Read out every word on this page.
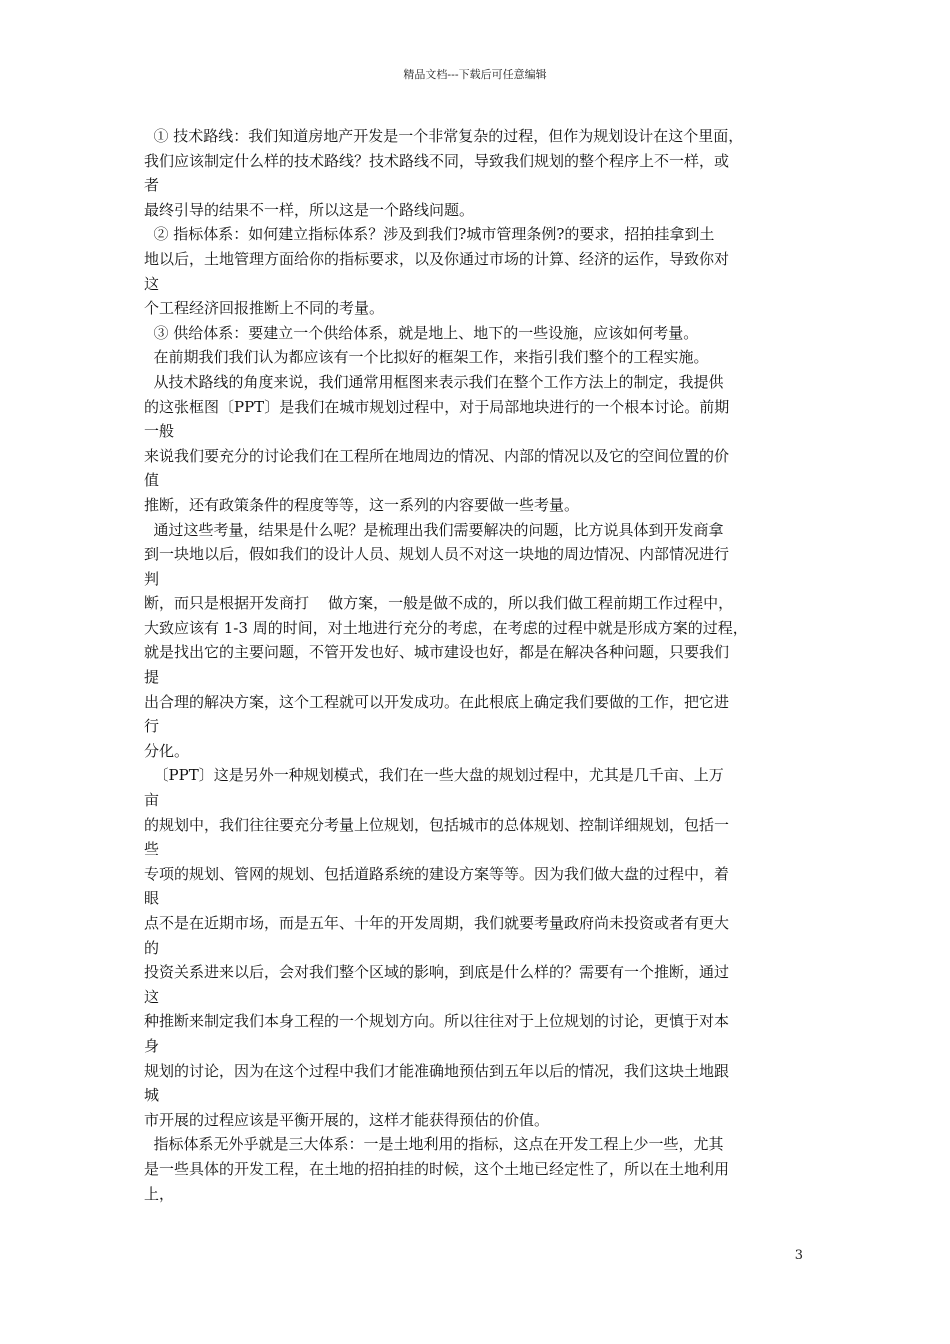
精品文档---下载后可任意编辑
① 技术路线：我们知道房地产开发是一个非常复杂的过程，但作为规划设计在这个里面，
我们应该制定什么样的技术路线？技术路线不同，导致我们规划的整个程序上不一样，或
者
最终引导的结果不一样，所以这是一个路线问题。
② 指标体系：如何建立指标体系？涉及到我们?城市管理条例?的要求，招拍挂拿到土
地以后，土地管理方面给你的指标要求，以及你通过市场的计算、经济的运作，导致你对
这
个工程经济回报推断上不同的考量。
③ 供给体系：要建立一个供给体系，就是地上、地下的一些设施，应该如何考量。
在前期我们我们认为都应该有一个比拟好的框架工作，来指引我们整个的工程实施。
从技术路线的角度来说，我们通常用框图来表示我们在整个工作方法上的制定，我提供
的这张框图〔PPT〕是我们在城市规划过程中，对于局部地块进行的一个根本讨论。前期
一般
来说我们要充分的讨论我们在工程所在地周边的情况、内部的情况以及它的空间位置的价
值
推断，还有政策条件的程度等等，这一系列的内容要做一些考量。
通过这些考量，结果是什么呢？是梳理出我们需要解决的问题，比方说具体到开发商拿
到一块地以后，假如我们的设计人员、规划人员不对这一块地的周边情况、内部情况进行
判
断，而只是根据开发商打    做方案，一般是做不成的，所以我们做工程前期工作过程中，
大致应该有 1-3 周的时间，对土地进行充分的考虑，在考虑的过程中就是形成方案的过程，
就是找出它的主要问题，不管开发也好、城市建设也好，都是在解决各种问题，只要我们
提
出合理的解决方案，这个工程就可以开发成功。在此根底上确定我们要做的工作，把它进
行
分化。
〔PPT〕这是另外一种规划模式，我们在一些大盘的规划过程中，尤其是几千亩、上万
亩
的规划中，我们往往要充分考量上位规划，包括城市的总体规划、控制详细规划，包括一
些
专项的规划、管网的规划、包括道路系统的建设方案等等。因为我们做大盘的过程中，着
眼
点不是在近期市场，而是五年、十年的开发周期，我们就要考量政府尚未投资或者有更大
的
投资关系进来以后，会对我们整个区域的影响，到底是什么样的？需要有一个推断，通过
这
种推断来制定我们本身工程的一个规划方向。所以往往对于上位规划的讨论，更慎于对本
身
规划的讨论，因为在这个过程中我们才能准确地预估到五年以后的情况，我们这块土地跟
城
市开展的过程应该是平衡开展的，这样才能获得预估的价值。
指标体系无外乎就是三大体系：一是土地利用的指标，这点在开发工程上少一些，尤其
是一些具体的开发工程，在土地的招拍挂的时候，这个土地已经定性了，所以在土地利用
上，
3
